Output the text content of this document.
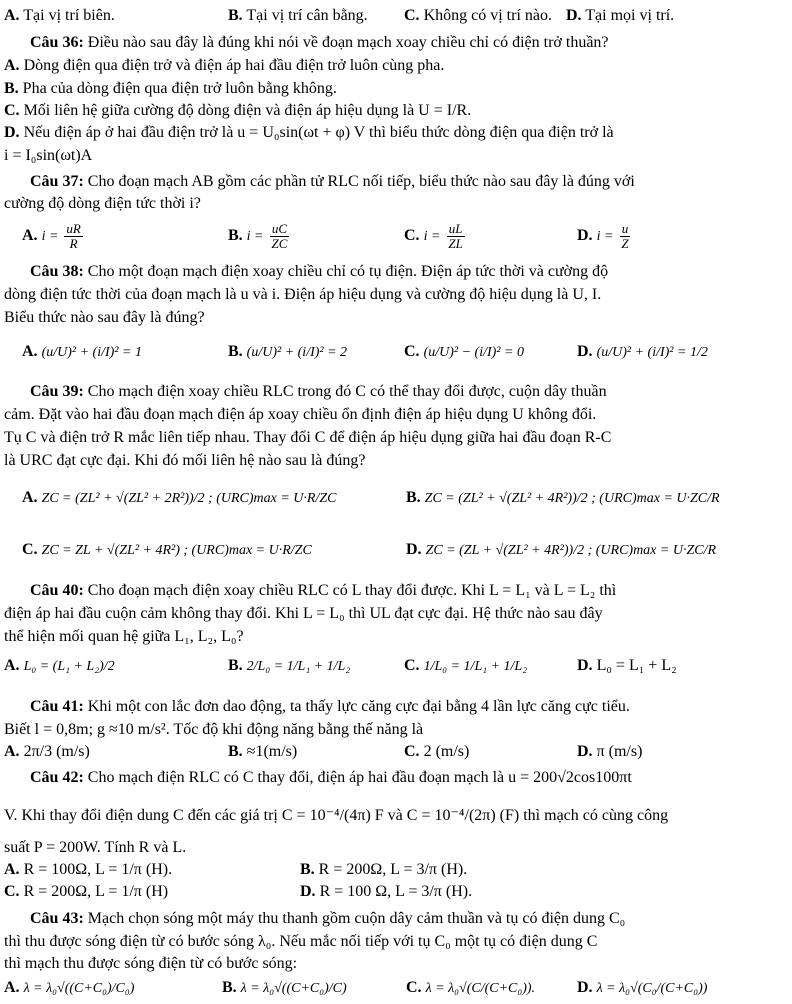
A. Tại vị trí biên.	B. Tại vị trí cân bằng. C. Không có vị trí nào. D. Tại mọi vị trí.
Câu 36: Điều nào sau đây là đúng khi nói về đoạn mạch xoay chiều chỉ có điện trở thuần?
A. Dòng điện qua điện trở và điện áp hai đầu điện trở luôn cùng pha.
B. Pha của dòng điện qua điện trở luôn bằng không.
C. Mối liên hệ giữa cường độ dòng điện và điện áp hiệu dụng là U = I/R.
D. Nếu điện áp ở hai đầu điện trở là u = U₀sin(ωt + φ) V thì biểu thức dòng điện qua điện trở là
i = I₀sin(ωt)A
Câu 37: Cho đoạn mạch AB gồm các phần tử RLC nối tiếp, biểu thức nào sau đây là đúng với
cường độ dòng điện tức thời i?
A. $i = \frac{uR}{R}$	B. $i = \frac{uC}{ZC}$	C. $i = \frac{uL}{ZL}$	D. $i = \frac{u}{Z}$
Câu 38: Cho một đoạn mạch điện xoay chiều chỉ có tụ điện. Điện áp tức thời và cường độ
dòng điện tức thời của đoạn mạch là u và i. Điện áp hiệu dụng và cường độ hiệu dụng là U, I.
Biểu thức nào sau đây là đúng?
A. (u/U)² + (i/I)² = 1	B. (u/U)² + (i/I)² = 2	C. (u/U)² − (i/I)² = 0	D. (u/U)² + (i/I)² = 1/2
Câu 39: Cho mạch điện xoay chiều RLC trong đó C có thể thay đổi được, cuộn dây thuần
cảm. Đặt vào hai đầu đoạn mạch điện áp xoay chiều ổn định điện áp hiệu dụng U không đổi.
Tụ C và điện trở R mắc liên tiếp nhau. Thay đổi C để điện áp hiệu dụng giữa hai đầu đoạn R-C
là URC đạt cực đại. Khi đó mối liên hệ nào sau là đúng?
A. ZC = (ZL² + √(ZL² + 2R²))/2 ; (URC)max = U·R/ZC	B. ZC = (ZL² + √(ZL² + 4R²))/2 ; (URC)max = U·ZC/R
C. ZC = ZL + √(ZL² + 4R²) ; (URC)max = U·R/ZC	D. ZC = (ZL + √(ZL² + 4R²))/2 ; (URC)max = U·ZC/R
Câu 40: Cho đoạn mạch điện xoay chiều RLC có L thay đổi được. Khi L = L₁ và L = L₂ thì
điện áp hai đầu cuộn cảm không thay đổi. Khi L = L₀ thì UL đạt cực đại. Hệ thức nào sau đây
thể hiện mối quan hệ giữa L₁, L₂, L₀?
A. L₀ = (L₁ + L₂)/2	B. 2/L₀ = 1/L₁ + 1/L₂	C. 1/L₀ = 1/L₁ + 1/L₂	D. L₀ = L₁ + L₂
Câu 41: Khi một con lắc đơn dao động, ta thấy lực căng cực đại bằng 4 lần lực căng cực tiểu.
Biết l = 0,8m; g ≈10 m/s². Tốc độ khi động năng bằng thế năng là
A. 2π/3 (m/s)	B. ≈1(m/s)	C. 2 (m/s)	D. π (m/s)
Câu 42: Cho mạch điện RLC có C thay đổi, điện áp hai đầu đoạn mạch là u = 200√2cos100πt
V. Khi thay đổi điện dung C đến các giá trị C = 10⁻⁴/(4π) F và C = 10⁻⁴/(2π) (F) thì mạch có cùng công
suất P = 200W. Tính R và L.
A. R = 100Ω, L = 1/π (H).	B. R = 200Ω, L = 3/π (H).
C. R = 200Ω, L = 1/π (H)	D. R = 100 Ω, L = 3/π (H).
Câu 43: Mạch chọn sóng một máy thu thanh gồm cuộn dây cảm thuần và tụ có điện dung C₀
thì thu được sóng điện từ có bước sóng λ₀. Nếu mắc nối tiếp với tụ C₀ một tụ có điện dung C
thì mạch thu được sóng điện từ có bước sóng:
A. λ = λ₀√((C+C₀)/C₀)	B. λ = λ₀√((C+C₀)/C)	C. λ = λ₀√(C/(C+C₀)).	D. λ = λ₀√(C₀/(C+C₀))
